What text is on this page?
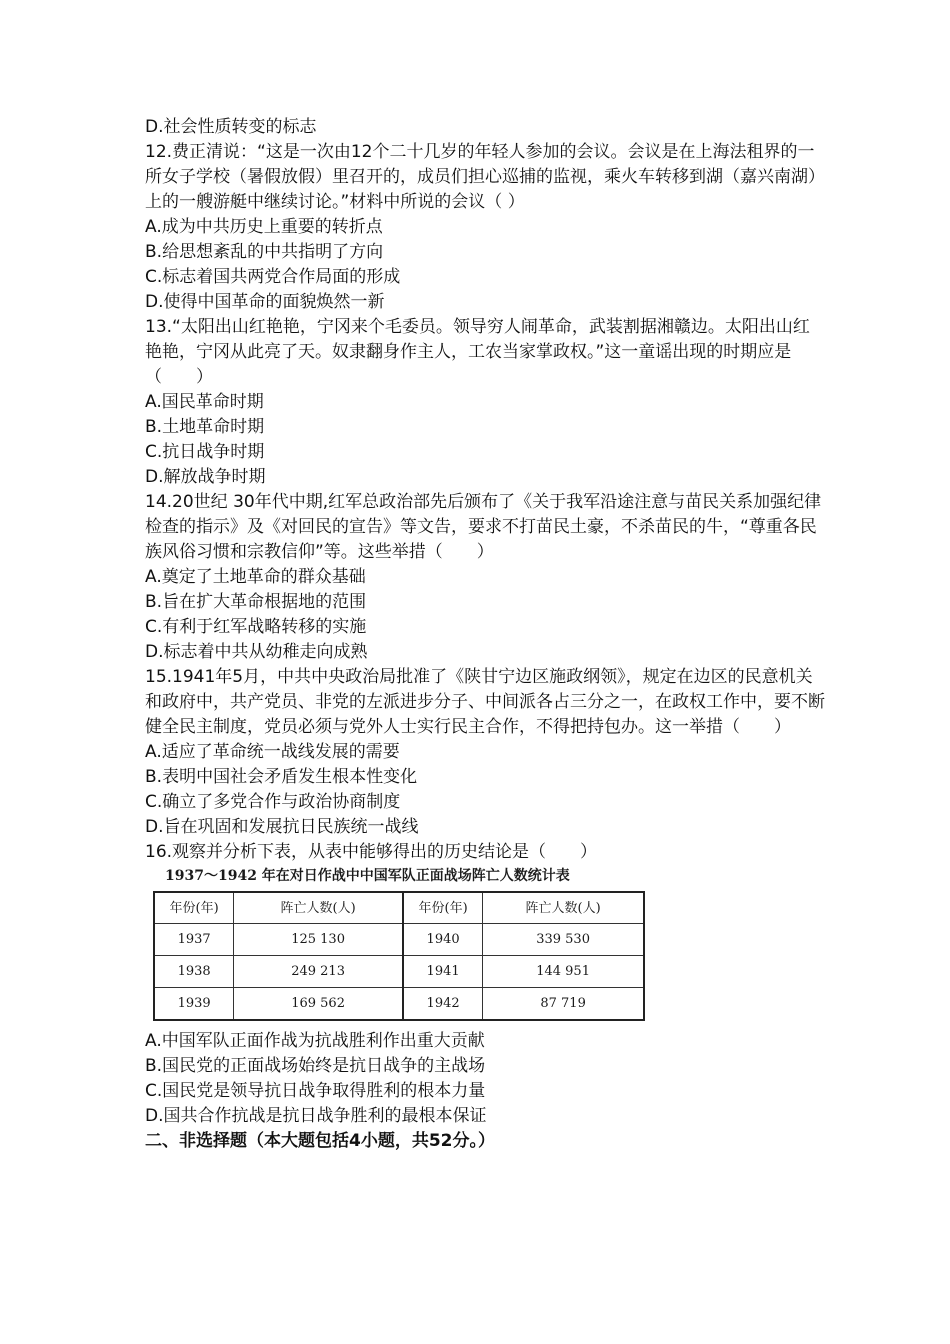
D.社会性质转变的标志
12.费正清说：“这是一次由12个二十几岁的年轻人参加的会议。会议是在上海法租界的一所女子学校（暑假放假）里召开的，成员们担心巡捕的监视，乘火车转移到湖（嘉兴南湖）上的一艘游艇中继续讨论。”材料中所说的会议（ ）
A.成为中共历史上重要的转折点
B.给思想紊乱的中共指明了方向
C.标志着国共两党合作局面的形成
D.使得中国革命的面貌焕然一新
13.“太阳出山红艳艳，宁冈来个毛委员。领导穷人闹革命，武装割据湘赣边。太阳出山红艳艳，宁冈从此亮了天。奴隶翻身作主人，工农当家掌政权。”这一童谣出现的时期应是（　　）
A.国民革命时期
B.土地革命时期
C.抗日战争时期
D.解放战争时期
14.20世纪 30年代中期,红军总政治部先后颁布了《关于我军沿途注意与苗民关系加强纪律检查的指示》及《对回民的宣告》等文告，要求不打苗民土豪，不杀苗民的牛，“尊重各民族风俗习惯和宗教信仰”等。这些举措（　　）
A.奠定了土地革命的群众基础
B.旨在扩大革命根据地的范围
C.有利于红军战略转移的实施
D.标志着中共从幼稚走向成熟
15.1941年5月，中共中央政治局批准了《陕甘宁边区施政纲领》，规定在边区的民意机关和政府中，共产党员、非党的左派进步分子、中间派各占三分之一，在政权工作中，要不断健全民主制度，党员必须与党外人士实行民主合作，不得把持包办。这一举措（　　）
A.适应了革命统一战线发展的需要
B.表明中国社会矛盾发生根本性变化
C.确立了多党合作与政治协商制度
D.旨在巩固和发展抗日民族统一战线
16.观察并分析下表，从表中能够得出的历史结论是（　　）
1937～1942 年在对日作战中中国军队正面战场阵亡人数统计表
年份(年)	阵亡人数(人)	年份(年)	阵亡人数(人)
1937	125 130	1940	339 530
1938	249 213	1941	144 951
1939	169 562	1942	87 719
A.中国军队正面作战为抗战胜利作出重大贡献
B.国民党的正面战场始终是抗日战争的主战场
C.国民党是领导抗日战争取得胜利的根本力量
D.国共合作抗战是抗日战争胜利的最根本保证
二、非选择题（本大题包括4小题，共52分。）
